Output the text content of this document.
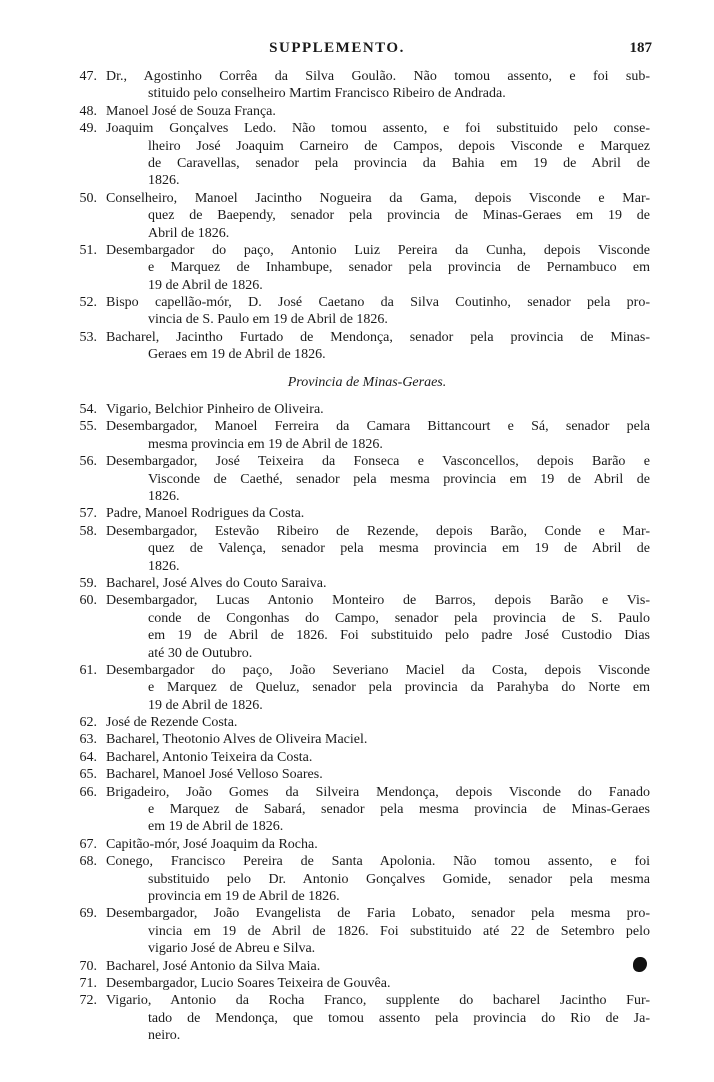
SUPPLEMENTO.	187
47. Dr., Agostinho Corrêa da Silva Goulão. Não tomou assento, e foi sub-
stituido pelo conselheiro Martim Francisco Ribeiro de Andrada.
48. Manoel José de Souza França.
49. Joaquim Gonçalves Ledo. Não tomou assento, e foi substituido pelo conse-
lheiro José Joaquim Carneiro de Campos, depois Visconde e Marquez
de Caravellas, senador pela provincia da Bahia em 19 de Abril de
1826.
50. Conselheiro, Manoel Jacintho Nogueira da Gama, depois Visconde e Mar-
quez de Baependy, senador pela provincia de Minas-Geraes em 19 de
Abril de 1826.
51. Desembargador do paço, Antonio Luiz Pereira da Cunha, depois Visconde
e Marquez de Inhambupe, senador pela provincia de Pernambuco em
19 de Abril de 1826.
52. Bispo capellão-mór, D. José Caetano da Silva Coutinho, senador pela pro-
vincia de S. Paulo em 19 de Abril de 1826.
53. Bacharel, Jacintho Furtado de Mendonça, senador pela provincia de Minas-
Geraes em 19 de Abril de 1826.
Provincia de Minas-Geraes.
54. Vigario, Belchior Pinheiro de Oliveira.
55. Desembargador, Manoel Ferreira da Camara Bittancourt e Sá, senador pela
mesma provincia em 19 de Abril de 1826.
56. Desembargador, José Teixeira da Fonseca e Vasconcellos, depois Barão e
Visconde de Caethé, senador pela mesma provincia em 19 de Abril de
1826.
57. Padre, Manoel Rodrigues da Costa.
58. Desembargador, Estevão Ribeiro de Rezende, depois Barão, Conde e Mar-
quez de Valença, senador pela mesma provincia em 19 de Abril de
1826.
59. Bacharel, José Alves do Couto Saraiva.
60. Desembargador, Lucas Antonio Monteiro de Barros, depois Barão e Vis-
conde de Congonhas do Campo, senador pela provincia de S. Paulo
em 19 de Abril de 1826. Foi substituido pelo padre José Custodio Dias
até 30 de Outubro.
61. Desembargador do paço, João Severiano Maciel da Costa, depois Visconde
e Marquez de Queluz, senador pela provincia da Parahyba do Norte em
19 de Abril de 1826.
62. José de Rezende Costa.
63. Bacharel, Theotonio Alves de Oliveira Maciel.
64. Bacharel, Antonio Teixeira da Costa.
65. Bacharel, Manoel José Velloso Soares.
66. Brigadeiro, João Gomes da Silveira Mendonça, depois Visconde do Fanado
e Marquez de Sabará, senador pela mesma provincia de Minas-Geraes
em 19 de Abril de 1826.
67. Capitão-mór, José Joaquim da Rocha.
68. Conego, Francisco Pereira de Santa Apolonia. Não tomou assento, e foi
substituido pelo Dr. Antonio Gonçalves Gomide, senador pela mesma
provincia em 19 de Abril de 1826.
69. Desembargador, João Evangelista de Faria Lobato, senador pela mesma pro-
vincia em 19 de Abril de 1826. Foi substituido até 22 de Setembro pelo
vigario José de Abreu e Silva.
70. Bacharel, José Antonio da Silva Maia.
71. Desembargador, Lucio Soares Teixeira de Gouvêa.
72. Vigario, Antonio da Rocha Franco, supplente do bacharel Jacintho Fur-
tado de Mendonça, que tomou assento pela provincia do Rio de Ja-
neiro.
